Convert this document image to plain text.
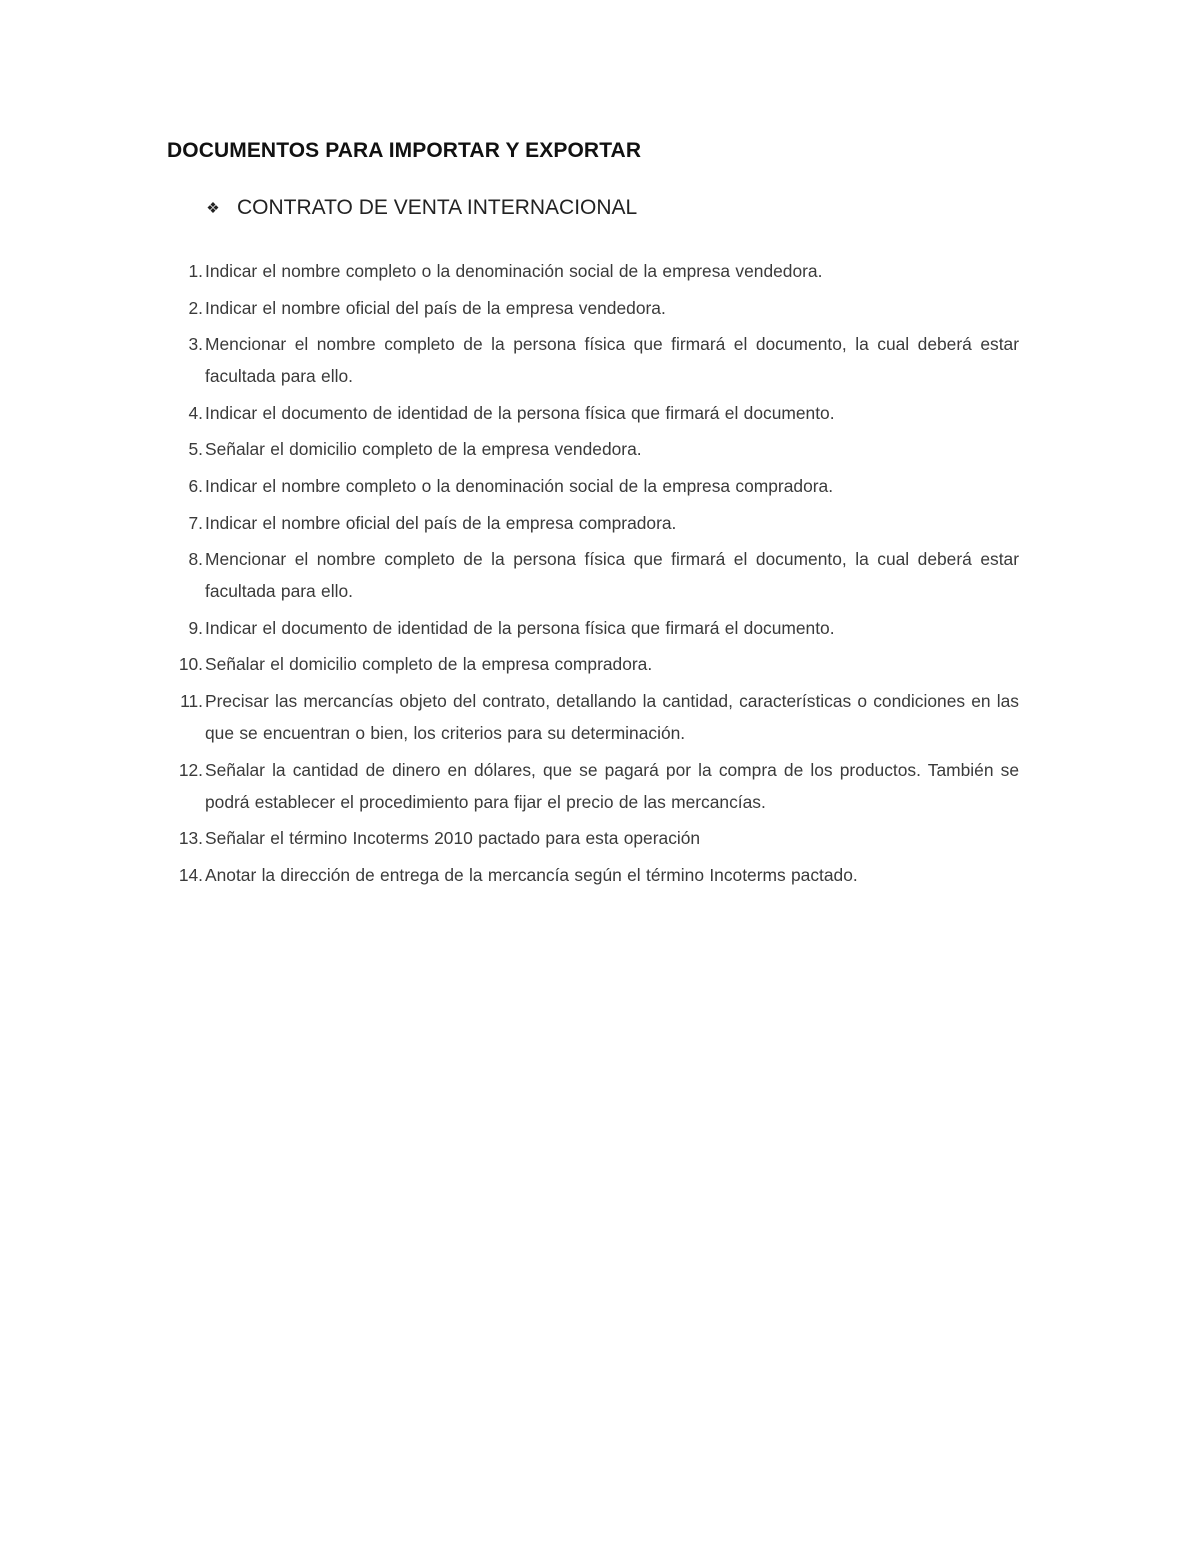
DOCUMENTOS PARA IMPORTAR Y EXPORTAR
❖ CONTRATO DE VENTA INTERNACIONAL
1. Indicar el nombre completo o la denominación social de la empresa vendedora.
2. Indicar el nombre oficial del país de la empresa vendedora.
3. Mencionar el nombre completo de la persona física que firmará el documento, la cual deberá estar facultada para ello.
4. Indicar el documento de identidad de la persona física que firmará el documento.
5. Señalar el domicilio completo de la empresa vendedora.
6. Indicar el nombre completo o la denominación social de la empresa compradora.
7. Indicar el nombre oficial del país de la empresa compradora.
8. Mencionar el nombre completo de la persona física que firmará el documento, la cual deberá estar facultada para ello.
9. Indicar el documento de identidad de la persona física que firmará el documento.
10. Señalar el domicilio completo de la empresa compradora.
11. Precisar las mercancías objeto del contrato, detallando la cantidad, características o condiciones en las que se encuentran o bien, los criterios para su determinación.
12. Señalar la cantidad de dinero en dólares, que se pagará por la compra de los productos. También se podrá establecer el procedimiento para fijar el precio de las mercancías.
13. Señalar el término Incoterms 2010 pactado para esta operación
14. Anotar la dirección de entrega de la mercancía según el término Incoterms pactado.
